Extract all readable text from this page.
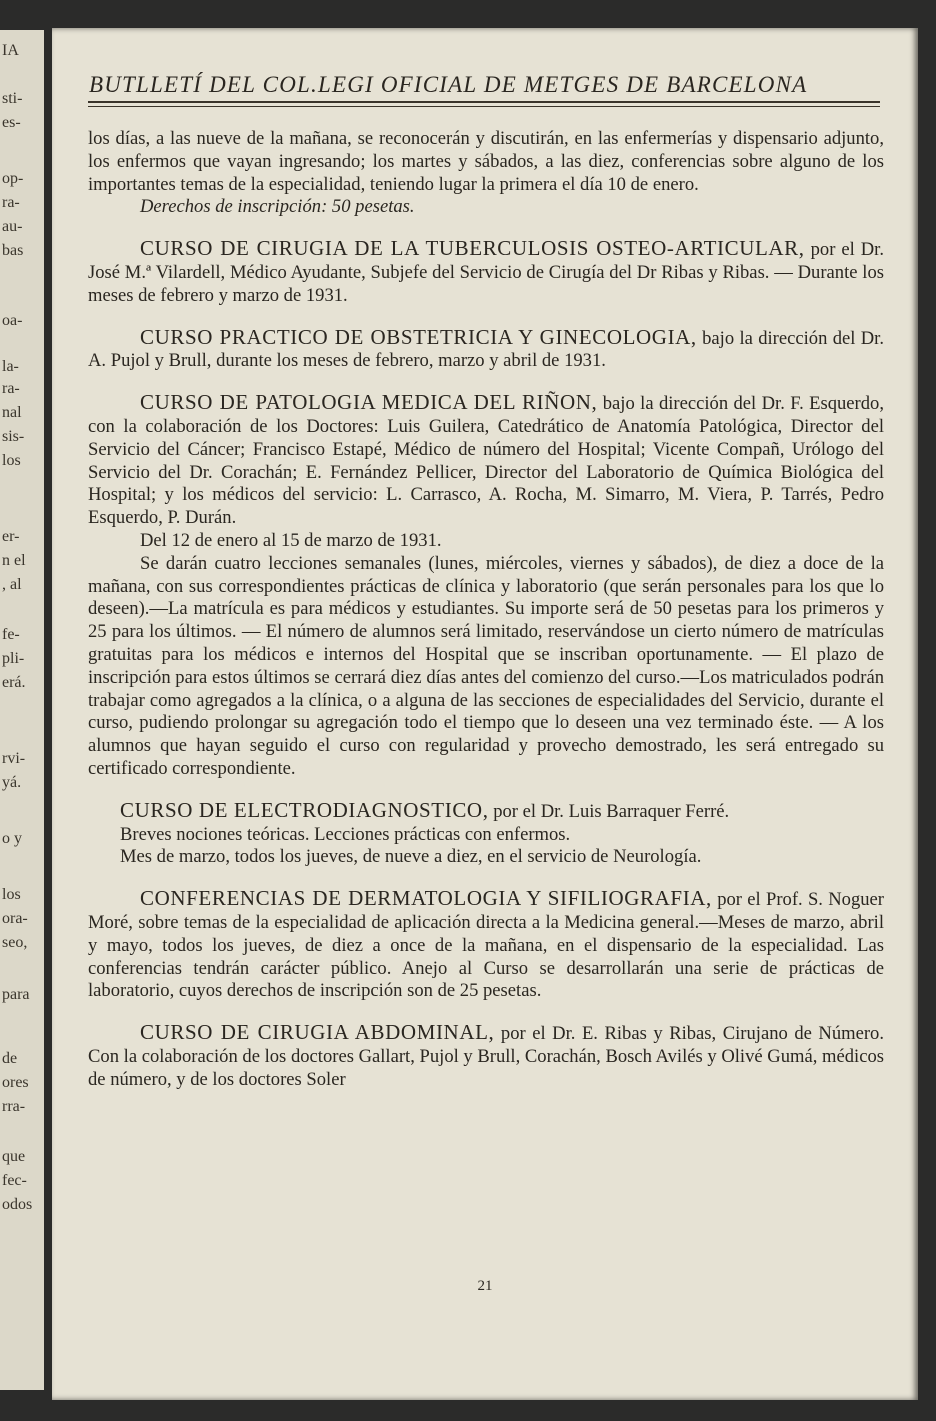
IA
sti-
es-
op-
ra-
au-
bas
oa-
la-
ra-
nal
sis-
los
er-
n el
, al
fe-
pli-
erá.
rvi-
yá.
o y
los
ora-
seo,
para
de
ores
rra-
que
fec-
odos
BUTLLETÍ DEL COL.LEGI OFICIAL DE METGES DE BARCELONA

los días, a las nueve de la mañana, se reconocerán y discutirán, en las enfermerías y dispensario adjunto, los enfermos que vayan ingresando; los martes y sábados, a las diez, conferencias sobre alguno de los importantes temas de la especialidad, teniendo lugar la primera el día 10 de enero.

Derechos de inscripción: 50 pesetas.

CURSO DE CIRUGIA DE LA TUBERCULOSIS OSTEO-ARTICULAR, por el Dr. José M.ª Vilardell, Médico Ayudante, Subjefe del Servicio de Cirugía del Dr Ribas y Ribas. — Durante los meses de febrero y marzo de 1931.

CURSO PRACTICO DE OBSTETRICIA Y GINECOLOGIA, bajo la dirección del Dr. A. Pujol y Brull, durante los meses de febrero, marzo y abril de 1931.

CURSO DE PATOLOGIA MEDICA DEL RIÑON, bajo la dirección del Dr. F. Esquerdo, con la colaboración de los Doctores: Luis Guilera, Catedrático de Anatomía Patológica, Director del Servicio del Cáncer; Francisco Estapé, Médico de número del Hospital; Vicente Compañ, Urólogo del Servicio del Dr. Corachán; E. Fernández Pellicer, Director del Laboratorio de Química Biológica del Hospital; y los médicos del servicio: L. Carrasco, A. Rocha, M. Simarro, M. Viera, P. Tarrés, Pedro Esquerdo, P. Durán.

Del 12 de enero al 15 de marzo de 1931.

Se darán cuatro lecciones semanales (lunes, miércoles, viernes y sábados), de diez a doce de la mañana, con sus correspondientes prácticas de clínica y laboratorio (que serán personales para los que lo deseen).—La matrícula es para médicos y estudiantes. Su importe será de 50 pesetas para los primeros y 25 para los últimos. — El número de alumnos será limitado, reservándose un cierto número de matrículas gratuitas para los médicos e internos del Hospital que se inscriban oportunamente. — El plazo de inscripción para estos últimos se cerrará diez días antes del comienzo del curso.—Los matriculados podrán trabajar como agregados a la clínica, o a alguna de las secciones de especialidades del Servicio, durante el curso, pudiendo prolongar su agregación todo el tiempo que lo deseen una vez terminado éste. — A los alumnos que hayan seguido el curso con regularidad y provecho demostrado, les será entregado su certificado correspondiente.

CURSO DE ELECTRODIAGNOSTICO, por el Dr. Luis Barraquer Ferré.

Breves nociones teóricas. Lecciones prácticas con enfermos.

Mes de marzo, todos los jueves, de nueve a diez, en el servicio de Neurología.

CONFERENCIAS DE DERMATOLOGIA Y SIFILIOGRAFIA, por el Prof. S. Noguer Moré, sobre temas de la especialidad de aplicación directa a la Medicina general.—Meses de marzo, abril y mayo, todos los jueves, de diez a once de la mañana, en el dispensario de la especialidad. Las conferencias tendrán carácter público. Anejo al Curso se desarrollarán una serie de prácticas de laboratorio, cuyos derechos de inscripción son de 25 pesetas.

CURSO DE CIRUGIA ABDOMINAL, por el Dr. E. Ribas y Ribas, Cirujano de Número. Con la colaboración de los doctores Gallart, Pujol y Brull, Corachán, Bosch Avilés y Olivé Gumá, médicos de número, y de los doctores Soler

21
